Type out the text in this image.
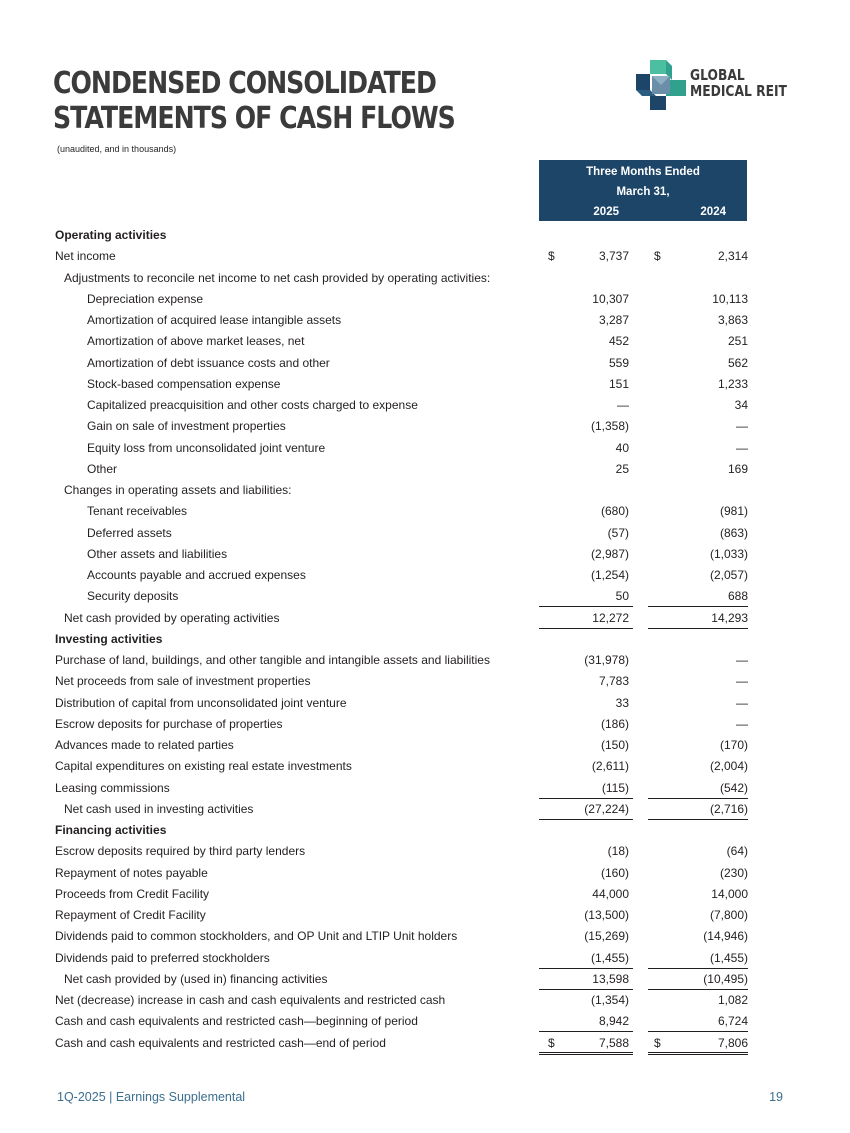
CONDENSED CONSOLIDATED
STATEMENTS OF CASH FLOWS
(unaudited, and in thousands)
GLOBAL
MEDICAL REIT
Three Months Ended
March 31,
2025	2024
Operating activities
Net income	3,737	2,314
$	$
Adjustments to reconcile net income to net cash provided by operating activities:
Depreciation expense	10,307	10,113
Amortization of acquired lease intangible assets	3,287	3,863
Amortization of above market leases, net	452	251
Amortization of debt issuance costs and other	559	562
Stock-based compensation expense	151	1,233
Capitalized preacquisition and other costs charged to expense	—	34
Gain on sale of investment properties	(1,358)	—
Equity loss from unconsolidated joint venture	40	—
Other	25	169
Changes in operating assets and liabilities:
Tenant receivables	(680)	(981)
Deferred assets	(57)	(863)
Other assets and liabilities	(2,987)	(1,033)
Accounts payable and accrued expenses	(1,254)	(2,057)
Security deposits	50	688
Net cash provided by operating activities	12,272	14,293
Investing activities
Purchase of land, buildings, and other tangible and intangible assets and liabilities	(31,978)	—
Net proceeds from sale of investment properties	7,783	—
Distribution of capital from unconsolidated joint venture	33	—
Escrow deposits for purchase of properties	(186)	—
Advances made to related parties	(150)	(170)
Capital expenditures on existing real estate investments	(2,611)	(2,004)
Leasing commissions	(115)	(542)
Net cash used in investing activities	(27,224)	(2,716)
Financing activities
Escrow deposits required by third party lenders	(18)	(64)
Repayment of notes payable	(160)	(230)
Proceeds from Credit Facility	44,000	14,000
Repayment of Credit Facility	(13,500)	(7,800)
Dividends paid to common stockholders, and OP Unit and LTIP Unit holders	(15,269)	(14,946)
Dividends paid to preferred stockholders	(1,455)	(1,455)
Net cash provided by (used in) financing activities	13,598	(10,495)
Net (decrease) increase in cash and cash equivalents and restricted cash	(1,354)	1,082
Cash and cash equivalents and restricted cash—beginning of period	8,942	6,724
Cash and cash equivalents and restricted cash—end of period	7,588	7,806
$	$
1Q-2025 | Earnings Supplemental	19
